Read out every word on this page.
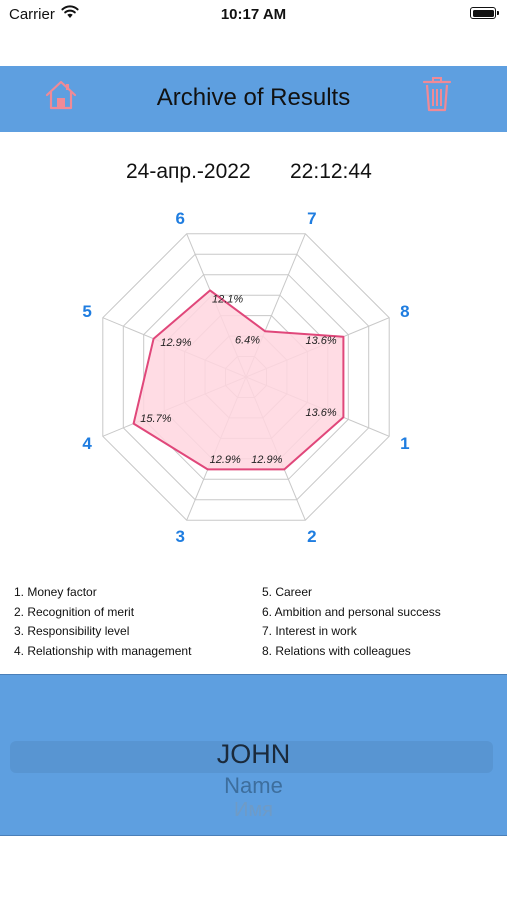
Carrier	10:17 AM
Archive of Results
24-апр.-2022 22:12:44
1
2
3
4
5
6	7
8
13.6%
12.9%
12.9%
15.7%
12.9%
12.1%
6.4%	13.6%
1. Money factor
2. Recognition of merit
3. Responsibility level
4. Relationship with management
5. Career
6. Ambition and personal success
7. Interest in work
8. Relations with colleagues
JOHN
Name
Имя
